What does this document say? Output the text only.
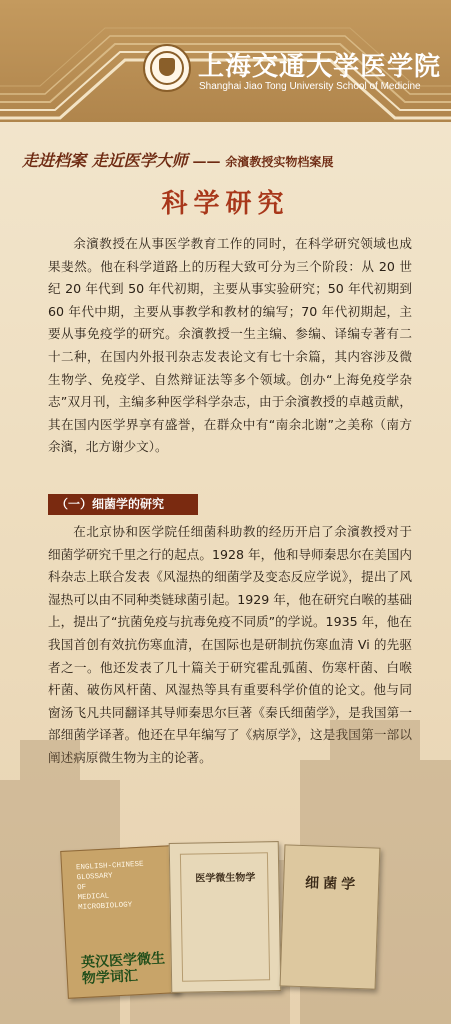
上海交通大学医学院
Shanghai Jiao Tong University School of Medicine
走进档案 走近医学大师 —— 余濱教授实物档案展
科学研究

余濱教授在从事医学教育工作的同时，在科学研究领域也成果斐然。他在科学道路上的历程大致可分为三个阶段：从 20 世纪 20 年代到 50 年代初期，主要从事实验研究；50 年代初期到 60 年代中期，主要从事教学和教材的编写；70 年代初期起，主要从事免疫学的研究。余濱教授一生主编、参编、译编专著有二十二种，在国内外报刊杂志发表论文有七十余篇，其内容涉及微生物学、免疫学、自然辩证法等多个领域。创办“上海免疫学杂志”双月刊，主编多种医学科学杂志，由于余濱教授的卓越贡献，其在国内医学界享有盛誉，在群众中有“南余北谢”之美称（南方余濱，北方谢少文）。

（一）细菌学的研究

在北京协和医学院任细菌科助教的经历开启了余濱教授对于细菌学研究千里之行的起点。1928 年，他和导师秦思尔在美国内科杂志上联合发表《风湿热的细菌学及变态反应学说》，提出了风湿热可以由不同种类链球菌引起。1929 年，他在研究白喉的基础上，提出了“抗菌免疫与抗毒免疫不同质”的学说。1935 年，他在我国首创有效抗伤寒血清，在国际也是研制抗伤寒血清 Vi 的先驱者之一。他还发表了几十篇关于研究霍乱弧菌、伤寒杆菌、白喉杆菌、破伤风杆菌、风湿热等具有重要科学价值的论文。他与同窗汤飞凡共同翻译其导师秦思尔巨著《秦氏细菌学》，是我国第一部细菌学译著。他还在早年编写了《病原学》，这是我国第一部以阐述病原微生物为主的论著。

ENGLISH-CHINESE
GLOSSARY
OF
MEDICAL
MICROBIOLOGY
英汉医学微生物学词汇
医学微生物学	细菌学
